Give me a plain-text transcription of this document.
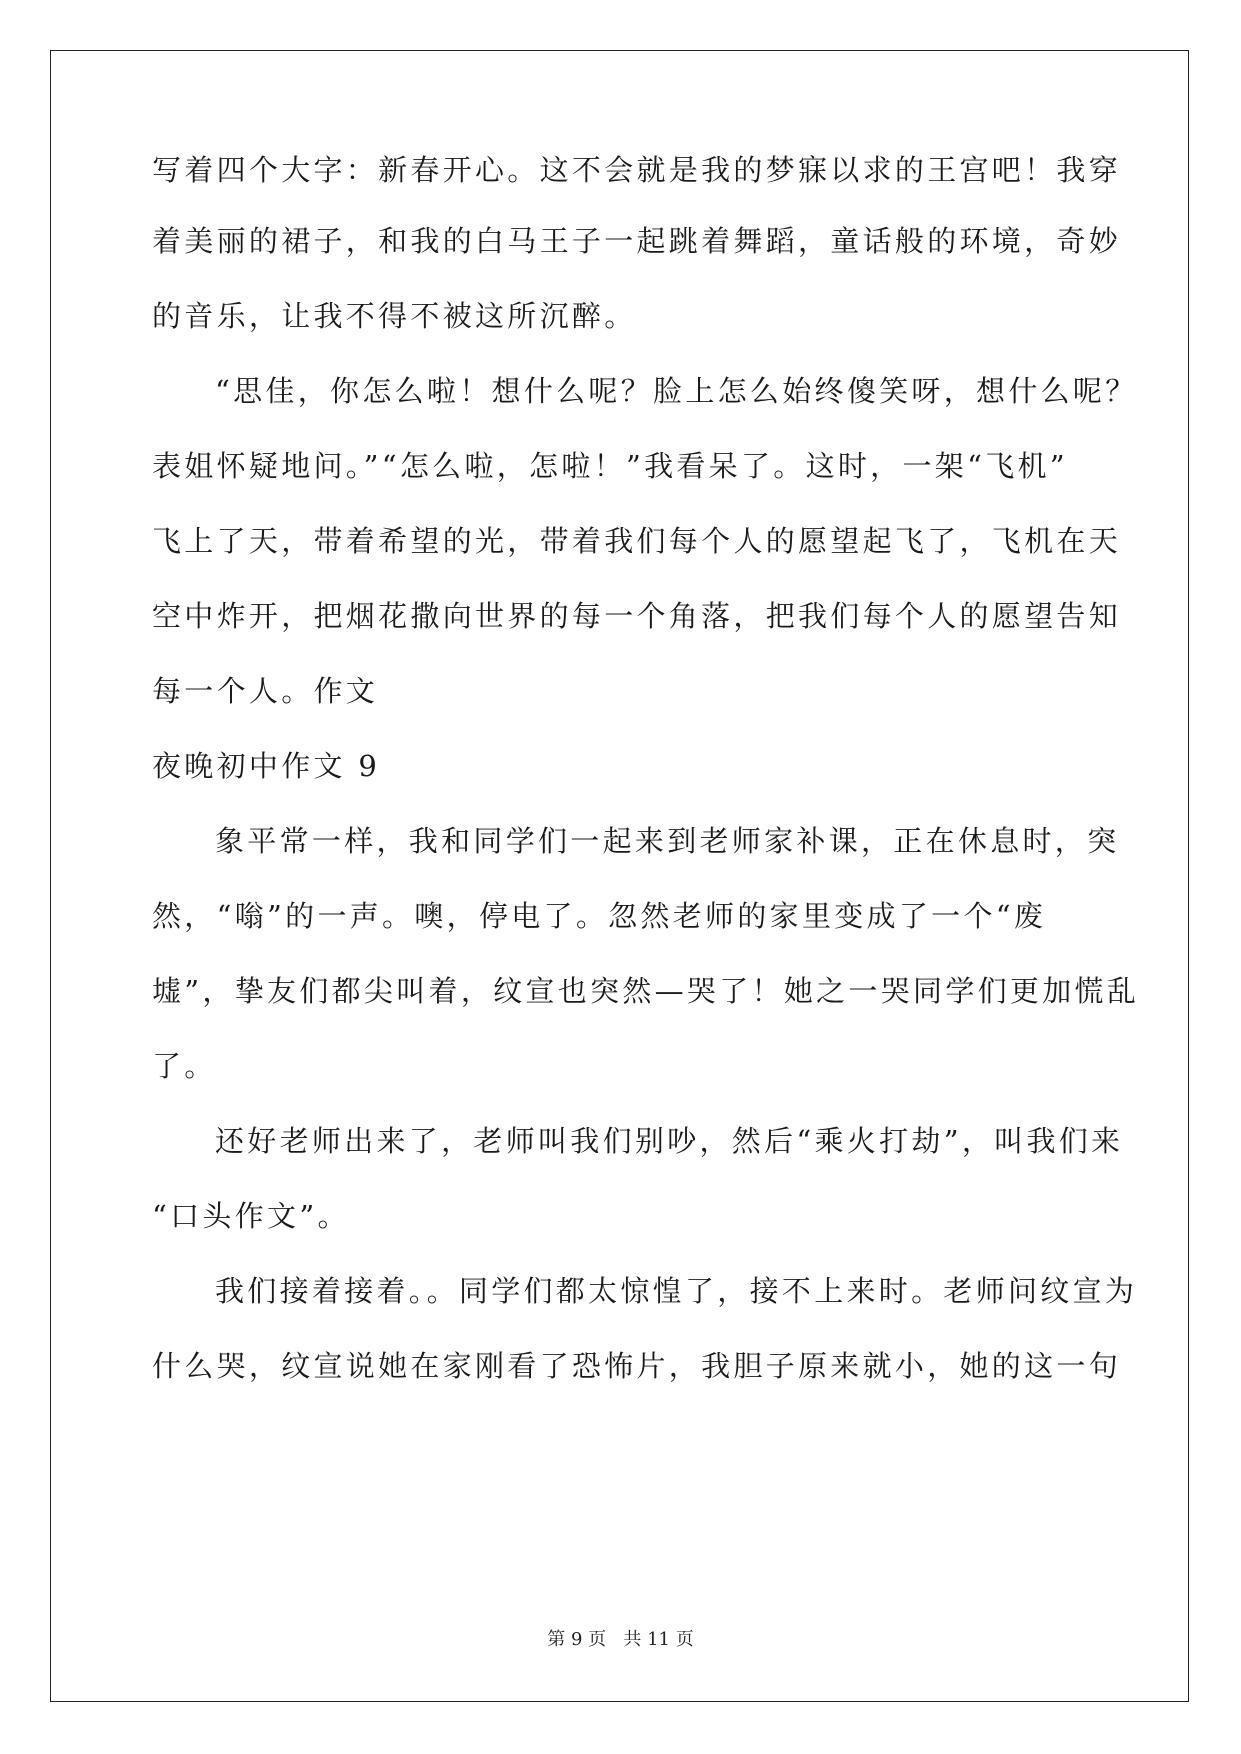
写着四个大字：新春开心。这不会就是我的梦寐以求的王宫吧！我穿
着美丽的裙子，和我的白马王子一起跳着舞蹈，童话般的环境，奇妙
的音乐，让我不得不被这所沉醉。
“思佳，你怎么啦！想什么呢？脸上怎么始终傻笑呀，想什么呢？
表姐怀疑地问。”“怎么啦，怎啦！”我看呆了。这时，一架“飞机”
飞上了天，带着希望的光，带着我们每个人的愿望起飞了，飞机在天
空中炸开，把烟花撒向世界的每一个角落，把我们每个人的愿望告知
每一个人。作文
夜晚初中作文 9
象平常一样，我和同学们一起来到老师家补课，正在休息时，突
然，“嗡”的一声。噢，停电了。忽然老师的家里变成了一个“废
墟”，挚友们都尖叫着，纹宣也突然—哭了！她之一哭同学们更加慌乱
了。
还好老师出来了，老师叫我们别吵，然后“乘火打劫”，叫我们来
“口头作文”。
我们接着接着。。同学们都太惊惶了，接不上来时。老师问纹宣为
什么哭，纹宣说她在家刚看了恐怖片，我胆子原来就小，她的这一句
第 9 页   共 11 页
